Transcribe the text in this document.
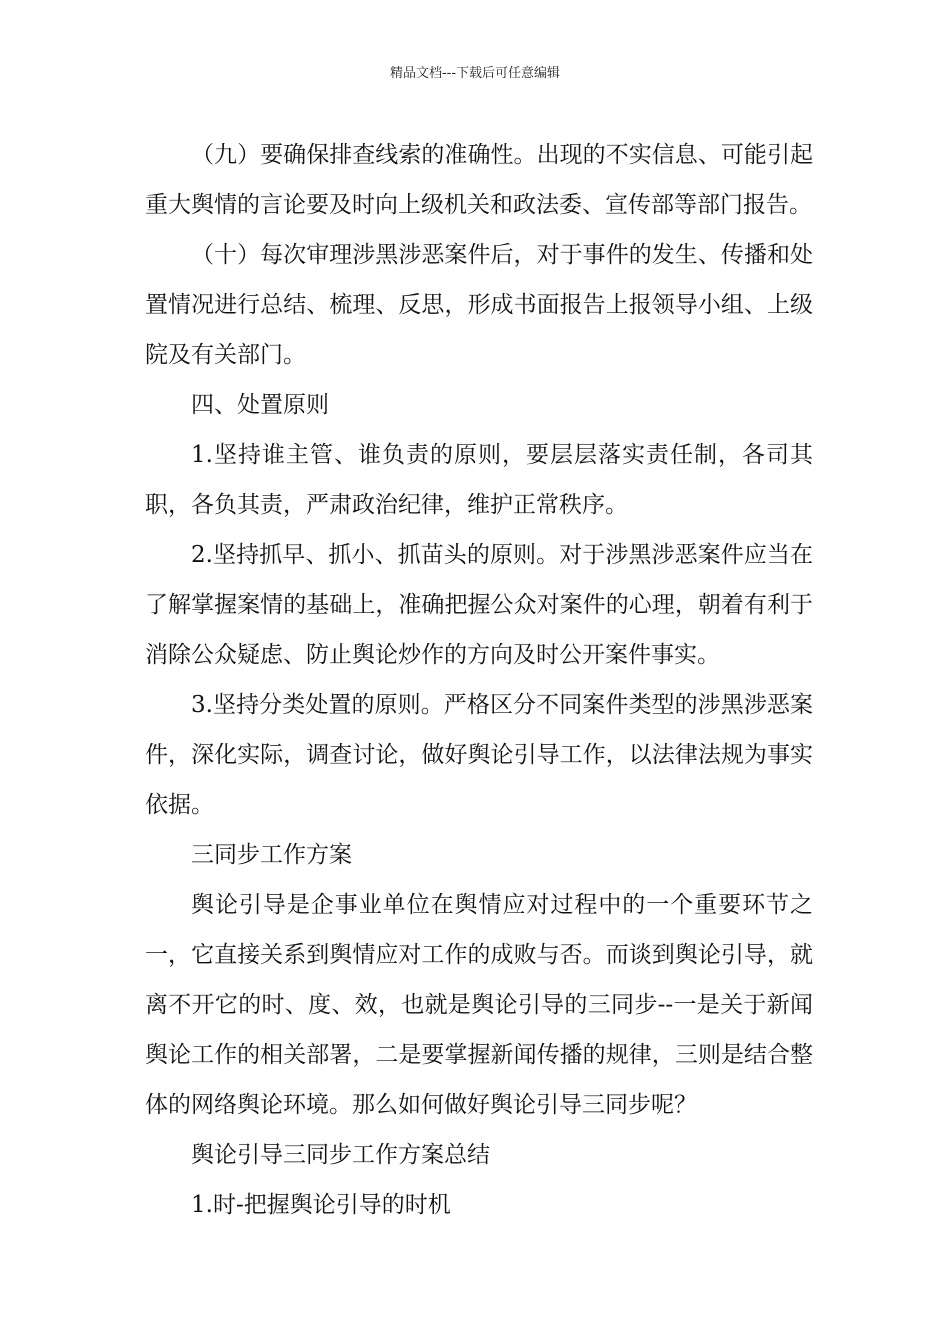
精品文档---下载后可任意编辑

（九）要确保排查线索的准确性。出现的不实信息、可能引起重大舆情的言论要及时向上级机关和政法委、宣传部等部门报告。

（十）每次审理涉黑涉恶案件后，对于事件的发生、传播和处置情况进行总结、梳理、反思，形成书面报告上报领导小组、上级院及有关部门。

四、处置原则

1.坚持谁主管、谁负责的原则，要层层落实责任制，各司其职，各负其责，严肃政治纪律，维护正常秩序。

2.坚持抓早、抓小、抓苗头的原则。对于涉黑涉恶案件应当在了解掌握案情的基础上，准确把握公众对案件的心理，朝着有利于消除公众疑虑、防止舆论炒作的方向及时公开案件事实。

3.坚持分类处置的原则。严格区分不同案件类型的涉黑涉恶案件，深化实际，调查讨论，做好舆论引导工作，以法律法规为事实依据。

三同步工作方案

舆论引导是企事业单位在舆情应对过程中的一个重要环节之一，它直接关系到舆情应对工作的成败与否。而谈到舆论引导，就离不开它的时、度、效，也就是舆论引导的三同步--一是关于新闻舆论工作的相关部署，二是要掌握新闻传播的规律，三则是结合整体的网络舆论环境。那么如何做好舆论引导三同步呢？

舆论引导三同步工作方案总结

1.时-把握舆论引导的时机
